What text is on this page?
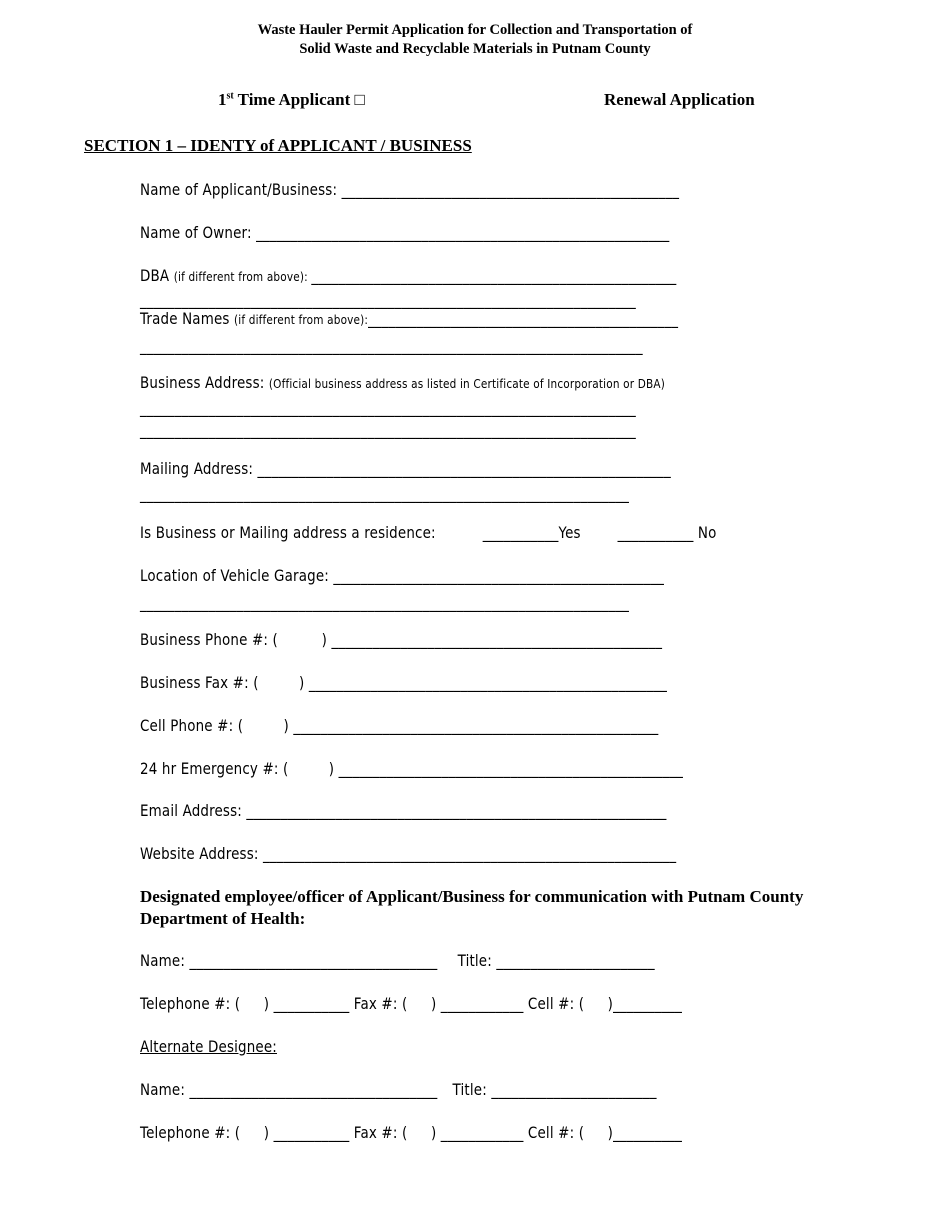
Waste Hauler Permit Application for Collection and Transportation of
Solid Waste and Recyclable Materials in Putnam County
1st Time Applicant □	Renewal Application
SECTION 1 – IDENTY of APPLICANT / BUSINESS
Name of Applicant/Business: _________________________________________________
Name of Owner: ____________________________________________________________
DBA (if different from above): _____________________________________________________
________________________________________________________________________
Trade Names (if different from above):_____________________________________________
_________________________________________________________________________
Business Address: (Official business address as listed in Certificate of Incorporation or DBA)
________________________________________________________________________
________________________________________________________________________
Mailing Address: ____________________________________________________________
_______________________________________________________________________
Is Business or Mailing address a residence:	___________Yes ___________ No
Location of Vehicle Garage: ________________________________________________
_______________________________________________________________________
Business Phone #: (	) ________________________________________________
Business Fax #: (	) ____________________________________________________
Cell Phone #: (	) _____________________________________________________
24 hr Emergency #: (	) __________________________________________________
Email Address: _____________________________________________________________
Website Address: ____________________________________________________________
Designated employee/officer of Applicant/Business for communication with Putnam County Department of Health:
Name: ____________________________________ Title: _______________________
Telephone #: ( ) ___________ Fax #: ( ) ____________ Cell #: ( )__________
Alternate Designee:
Name: ____________________________________ Title: ________________________
Telephone #: ( ) ___________ Fax #: ( ) ____________ Cell #: ( )__________
